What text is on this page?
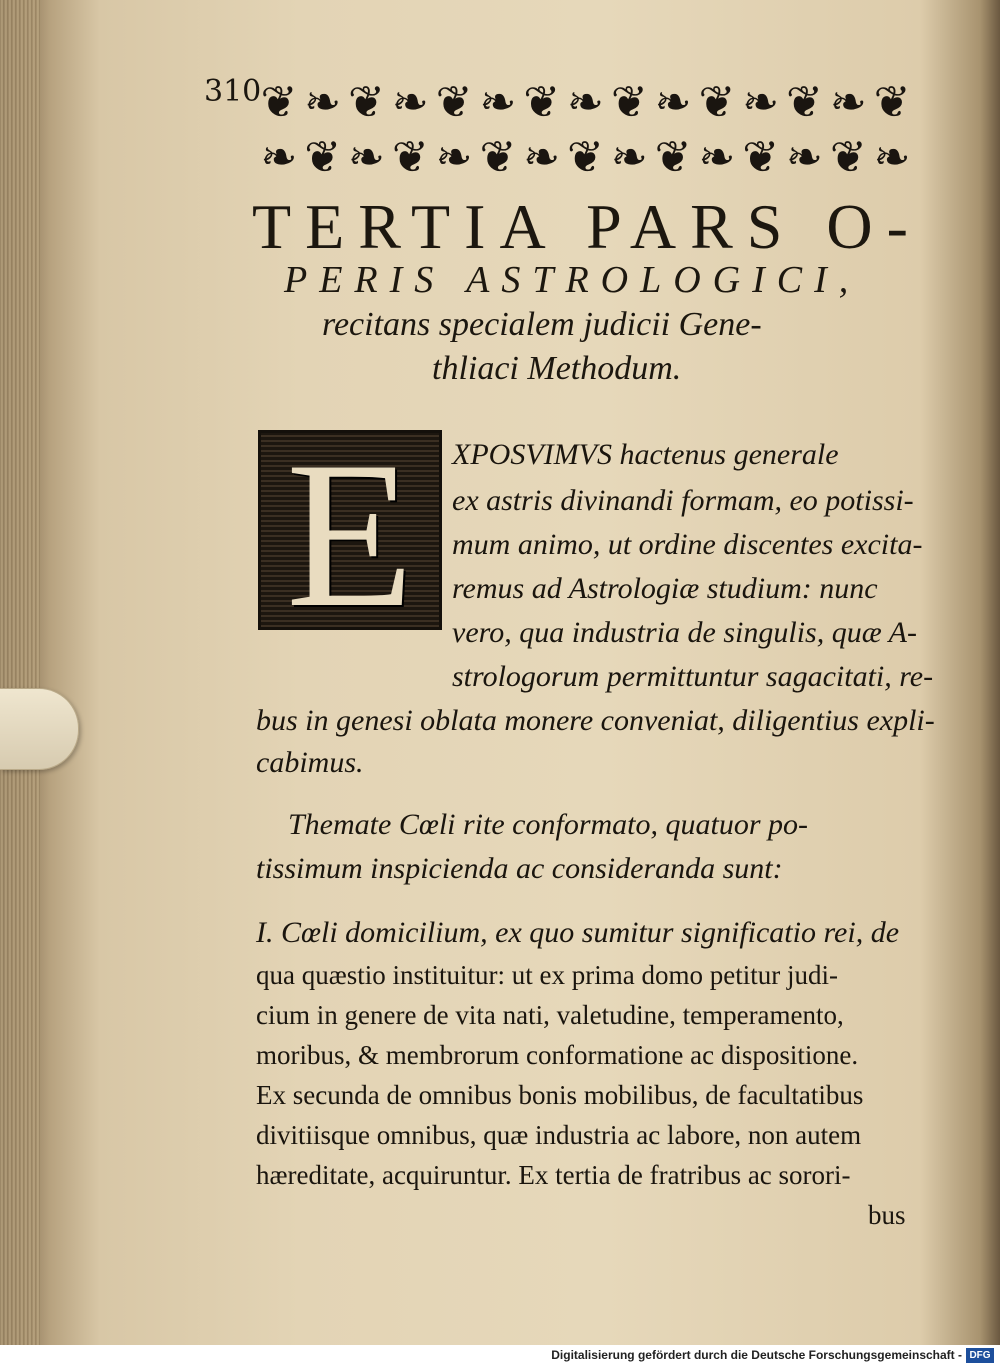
310 ❦ ❧ ❦ ❧ ❦ ❧ ❦ ❧ ❦ ❧ ❦ ❧ ❦ ❧ ❦
❧ ❦ ❧ ❦ ❧ ❦ ❧ ❦ ❧ ❦ ❧ ❦ ❧ ❦ ❧
TERTIA PARS O-
PERIS ASTROLOGICI,
recitans specialem judicii Gene-
thliaci Methodum.
E	XPOSVIMVS hactenus generale
ex astris divinandi formam, eo potissi-
mum animo, ut ordine discentes excita-
remus ad Astrologiæ studium: nunc
vero, qua industria de singulis, quæ A-
strologorum permittuntur sagacitati, re-
bus in genesi oblata monere conveniat, diligentius expli-
cabimus.
Themate Cœli rite conformato, quatuor po-
tissimum inspicienda ac consideranda sunt:
I. Cœli domicilium, ex quo sumitur significatio rei, de
qua quæstio instituitur: ut ex prima domo petitur judi-
cium in genere de vita nati, valetudine, temperamento,
moribus, & membrorum conformatione ac dispositione.
Ex secunda de omnibus bonis mobilibus, de facultatibus
divitiisque omnibus, quæ industria ac labore, non autem
hæreditate, acquiruntur. Ex tertia de fratribus ac sorori-
bus
Digitalisierung gefördert durch die Deutsche Forschungsgemeinschaft - DFG
